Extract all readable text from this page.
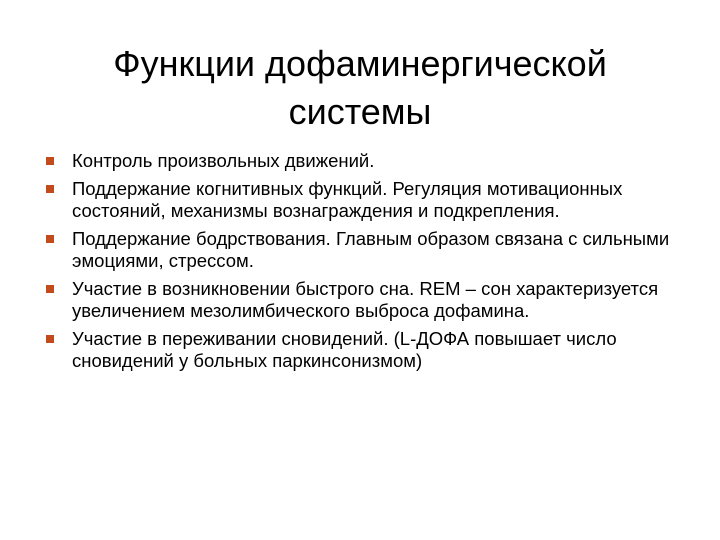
Функции дофаминергической
системы
Контроль произвольных движений.
Поддержание когнитивных функций. Регуляция мотивационных состояний, механизмы вознаграждения и подкрепления.
Поддержание бодрствования. Главным образом связана с сильными эмоциями, стрессом.
Участие в возникновении быстрого сна. REM – сон характеризуется увеличением мезолимбического выброса дофамина.
Участие в переживании сновидений. (L-ДОФА повышает число сновидений у больных паркинсонизмом)
